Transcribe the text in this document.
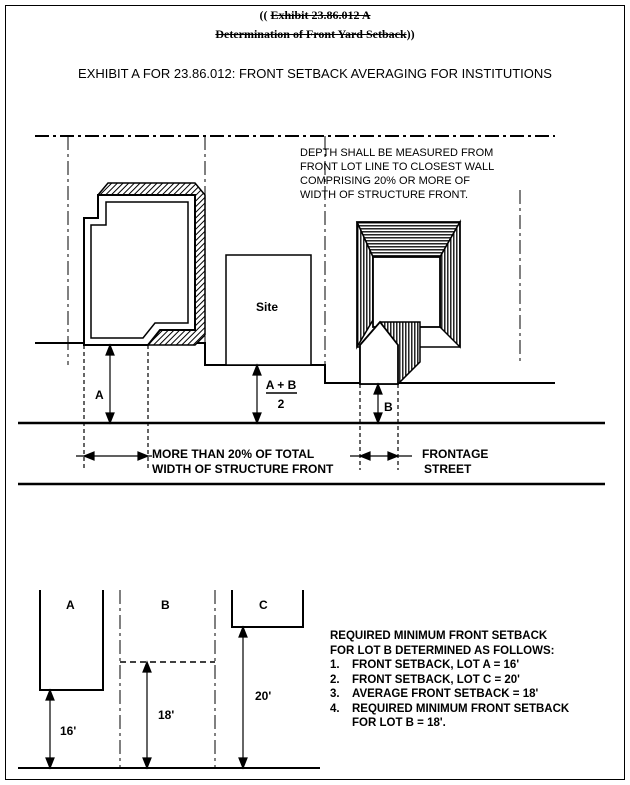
(( Exhibit 23.86.012 A
Determination of Front Yard Setback))
EXHIBIT A FOR 23.86.012: FRONT SETBACK AVERAGING FOR INSTITUTIONS
DEPTH SHALL BE MEASURED FROM
FRONT LOT LINE TO CLOSEST WALL
COMPRISING 20% OR MORE OF
WIDTH OF STRUCTURE FRONT.
Site
A
B
A + B
2
MORE THAN 20% OF TOTAL
WIDTH OF STRUCTURE FRONT
FRONTAGE
STREET
A	B	C
16'
18'
20'
REQUIRED MINIMUM FRONT SETBACK
FOR LOT B DETERMINED AS FOLLOWS:
1.	FRONT SETBACK, LOT A = 16'
2.	FRONT SETBACK, LOT C = 20'
3.	AVERAGE FRONT SETBACK = 18'
4.	REQUIRED MINIMUM FRONT SETBACK
FOR LOT B = 18'.
